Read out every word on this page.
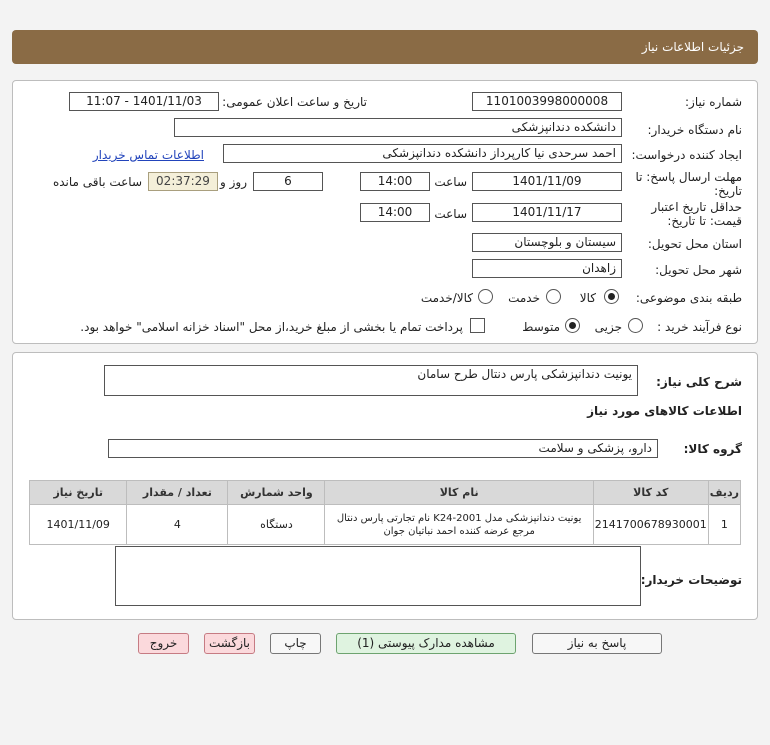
جزئیات اطلاعات نیاز
شماره نیاز:
1101003998000008
تاریخ و ساعت اعلان عمومی:
1401/11/03 - 11:07
نام دستگاه خریدار:
دانشکده دندانپزشکی
ایجاد کننده درخواست:
احمد سرحدی نیا کارپرداز دانشکده دندانپزشکی
اطلاعات تماس خریدار
مهلت ارسال پاسخ: تا
تاریخ:
1401/11/09
ساعت
14:00
6
روز و
02:37:29
ساعت باقی مانده
حداقل تاریخ اعتبار
قیمت: تا تاریخ:
1401/11/17
ساعت
14:00
استان محل تحویل:
سیستان و بلوچستان
شهر محل تحویل:
زاهدان
طبقه بندی موضوعی:
کالا
خدمت
کالا/خدمت
نوع فرآیند خرید :
جزیی
متوسط
پرداخت تمام یا بخشی از مبلغ خرید،از محل "اسناد خزانه اسلامی" خواهد بود.
شرح کلی نیاز:
یونیت دندانپزشکی پارس دنتال طرح سامان
اطلاعات کالاهای مورد نیاز
گروه کالا:
دارو، پزشکی و سلامت
ردیف	کد کالا	نام کالا	واحد شمارش	تعداد / مقدار	تاریخ نیاز
1	2141700678930001	یونیت دندانپزشکی مدل K24-2001 نام تجارتی پارس دنتال
مرجع عرضه کننده احمد نباتیان جوان	دستگاه	4	1401/11/09
توضیحات خریدار:
پاسخ به نیاز
مشاهده مدارک پیوستی (1)
چاپ
بازگشت
خروج
